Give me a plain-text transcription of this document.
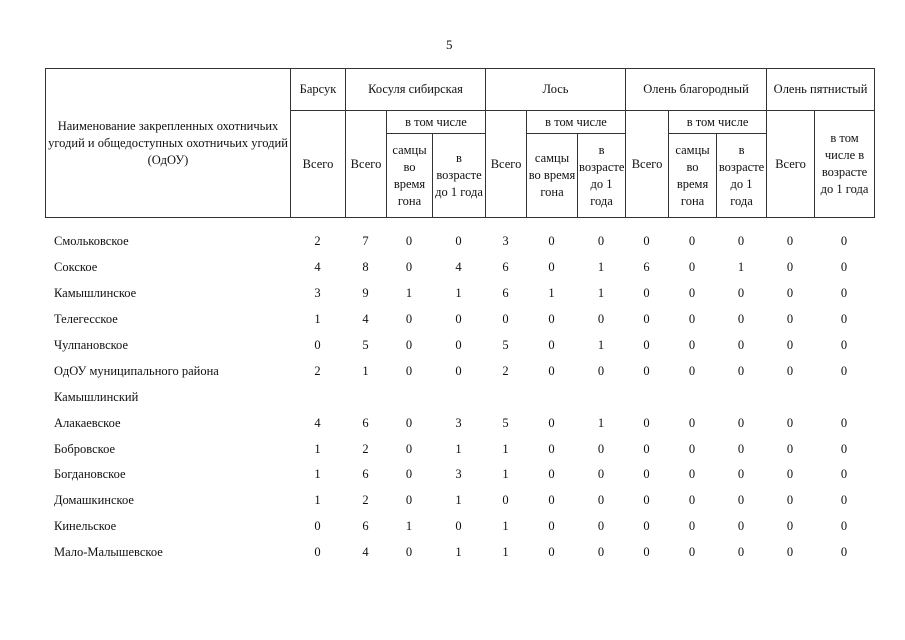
5
Наименование закрепленных охотничьих угодий и общедоступных охотничьих угодий (ОдОУ)	Барсук	Косуля сибирская			Лось			Олень благородный			Олень пятнистый	
	Всего	Всего	в том числе		Всего	в том числе		Всего	в том числе		Всего	в том числе в возрасте до 1 года
			самцы во время гона	в возрасте до 1 года		самцы во время гона	в возрасте до 1 года		самцы во время гона	в возрасте до 1 года		
Смольковское	2	7	0	0	3	0	0	0	0	0	0	0
Сокское	4	8	0	4	6	0	1	6	0	1	0	0
Камышлинское	3	9	1	1	6	1	1	0	0	0	0	0
Телегесское	1	4	0	0	0	0	0	0	0	0	0	0
Чулпановское	0	5	0	0	5	0	1	0	0	0	0	0
ОдОУ муниципального района	2	1	0	0	2	0	0	0	0	0	0	0
Камышлинский												
Алакаевское	4	6	0	3	5	0	1	0	0	0	0	0
Бобровское	1	2	0	1	1	0	0	0	0	0	0	0
Богдановское	1	6	0	3	1	0	0	0	0	0	0	0
Домашкинское	1	2	0	1	0	0	0	0	0	0	0	0
Кинельское	0	6	1	0	1	0	0	0	0	0	0	0
Мало-Малышевское	0	4	0	1	1	0	0	0	0	0	0	0
